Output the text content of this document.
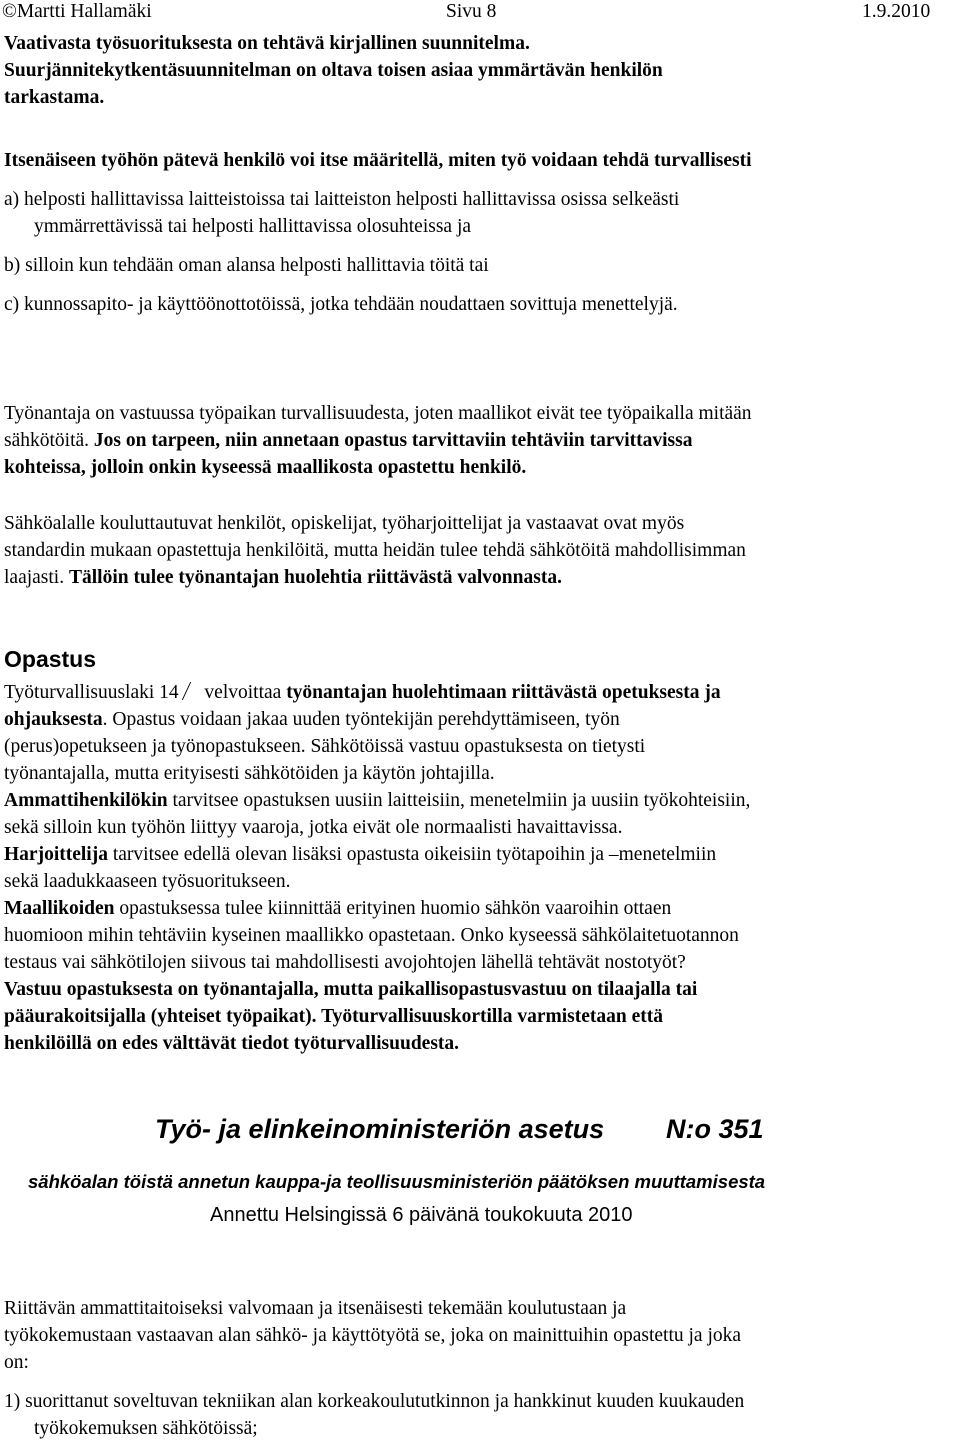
©Martti Hallamäki	Sivu 8	1.9.2010
Vaativasta työsuorituksesta on tehtävä kirjallinen suunnitelma.
Suurjännitekytkentäsuunnitelman on oltava toisen asiaa ymmärtävän henkilön
tarkastama.
Itsenäiseen työhön pätevä henkilö voi itse määritellä, miten työ voidaan tehdä turvallisesti
a) helposti hallittavissa laitteistoissa tai laitteiston helposti hallittavissa osissa selkeästi
ymmärrettävissä tai helposti hallittavissa olosuhteissa ja
b) silloin kun tehdään oman alansa helposti hallittavia töitä tai
c) kunnossapito- ja käyttöönottotöissä, jotka tehdään noudattaen sovittuja menettelyjä.
Työnantaja on vastuussa työpaikan turvallisuudesta, joten maallikot eivät tee työpaikalla mitään
sähkötöitä. Jos on tarpeen, niin annetaan opastus tarvittaviin tehtäviin tarvittavissa
kohteissa, jolloin onkin kyseessä maallikosta opastettu henkilö.
Sähköalalle kouluttautuvat henkilöt, opiskelijat, työharjoittelijat ja vastaavat ovat myös
standardin mukaan opastettuja henkilöitä, mutta heidän tulee tehdä sähkötöitä mahdollisimman
laajasti. Tällöin tulee työnantajan huolehtia riittävästä valvonnasta.
Opastus
Työturvallisuuslaki 14  velvoittaa työnantajan huolehtimaan riittävästä opetuksesta ja
ohjauksesta. Opastus voidaan jakaa uuden työntekijän perehdyttämiseen, työn
(perus)opetukseen ja työnopastukseen. Sähkötöissä vastuu opastuksesta on tietysti
työnantajalla, mutta erityisesti sähkötöiden ja käytön johtajilla.
Ammattihenkilökin tarvitsee opastuksen uusiin laitteisiin, menetelmiin ja uusiin työkohteisiin,
sekä silloin kun työhön liittyy vaaroja, jotka eivät ole normaalisti havaittavissa.
Harjoittelija tarvitsee edellä olevan lisäksi opastusta oikeisiin työtapoihin ja –menetelmiin
sekä laadukkaaseen työsuoritukseen.
Maallikoiden opastuksessa tulee kiinnittää erityinen huomio sähkön vaaroihin ottaen
huomioon mihin tehtäviin kyseinen maallikko opastetaan. Onko kyseessä sähkölaitetuotannon
testaus vai sähkötilojen siivous tai mahdollisesti avojohtojen lähellä tehtävät nostotyöt?
Vastuu opastuksesta on työnantajalla, mutta paikallisopastusvastuu on tilaajalla tai
pääurakoitsijalla (yhteiset työpaikat). Työturvallisuuskortilla varmistetaan että
henkilöillä on edes välttävät tiedot työturvallisuudesta.
Työ- ja elinkeinoministeriön asetus N:o 351
sähköalan töistä annetun kauppa-ja teollisuusministeriön päätöksen muuttamisesta
Annettu Helsingissä 6 päivänä toukokuuta 2010
Riittävän ammattitaitoiseksi valvomaan ja itsenäisesti tekemään koulutustaan ja
työkokemustaan vastaavan alan sähkö- ja käyttötyötä se, joka on mainittuihin opastettu ja joka
on:
1) suorittanut soveltuvan tekniikan alan korkeakoulututkinnon ja hankkinut kuuden kuukauden
työkokemuksen sähkötöissä;
